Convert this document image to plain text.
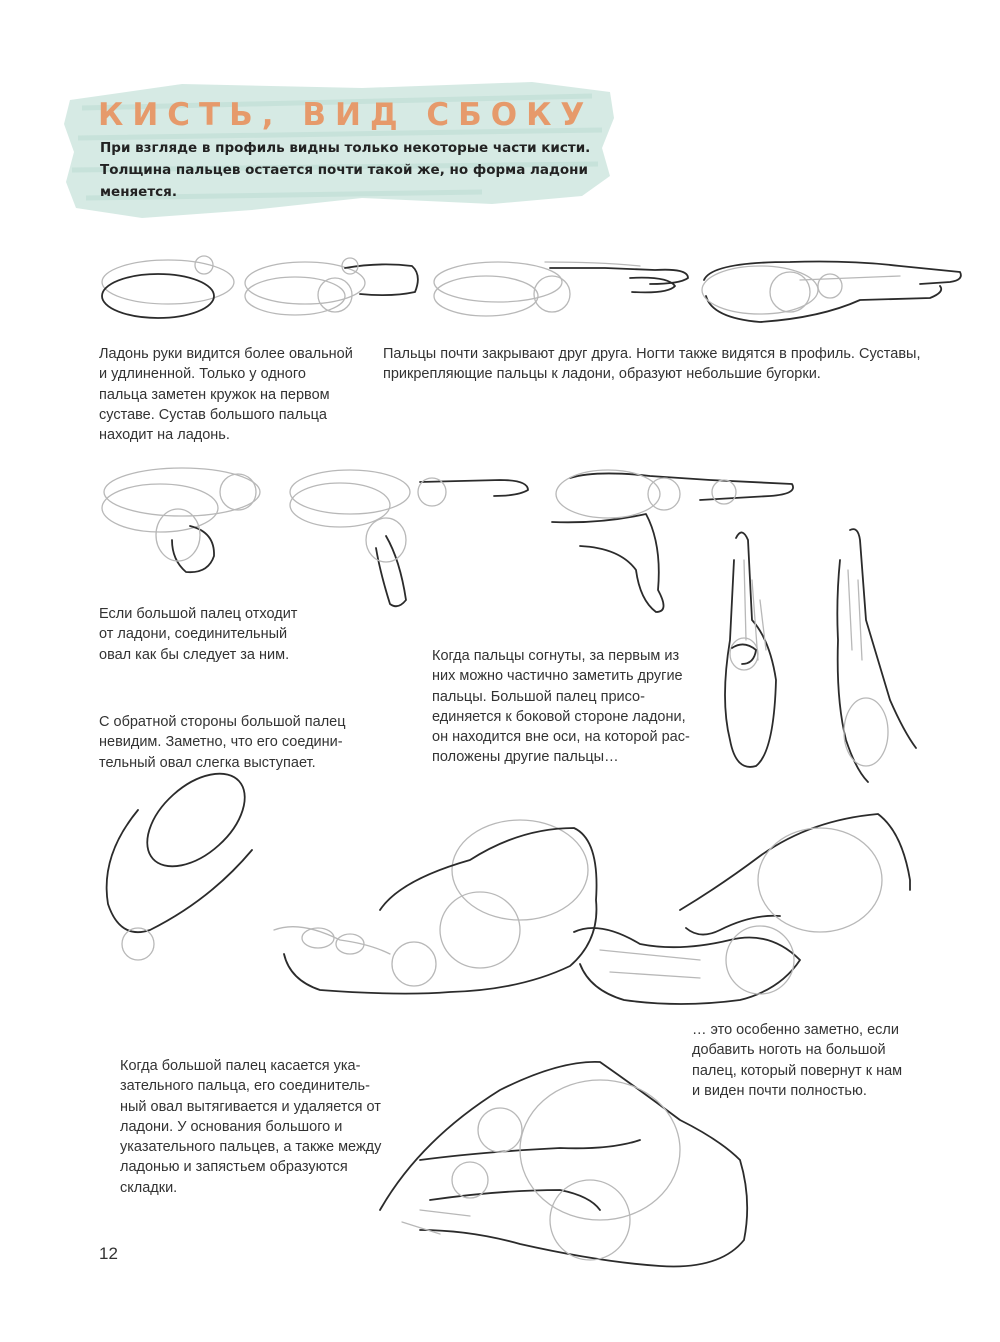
КИСТЬ, ВИД СБОКУ

При взгляде в профиль видны только некоторые части кисти. Толщина пальцев остается почти такой же, но форма ладони меняется.

Ладонь руки видится более овальной и удлиненной. Только у одного пальца заметен кружок на первом суставе. Сустав большого пальца находит на ладонь.

Пальцы почти закрывают друг друга. Ногти также видятся в профиль. Суставы, прикрепляющие пальцы к ладони, образуют небольшие бугорки.

Если большой палец отходит от ладони, соединительный овал как бы следует за ним.

С обратной стороны большой палец невидим. Заметно, что его соединительный овал слегка выступает.

Когда пальцы согнуты, за первым из них можно частично заметить другие пальцы. Большой палец присоединяется к боковой стороне ладони, он находится вне оси, на которой расположены другие пальцы…

… это особенно заметно, если добавить ноготь на большой палец, который повернут к нам и виден почти полностью.

Когда большой палец касается указательного пальца, его соединительный овал вытягивается и удаляется от ладони. У основания большого и указательного пальцев, а также между ладонью и запястьем образуются складки.

12
